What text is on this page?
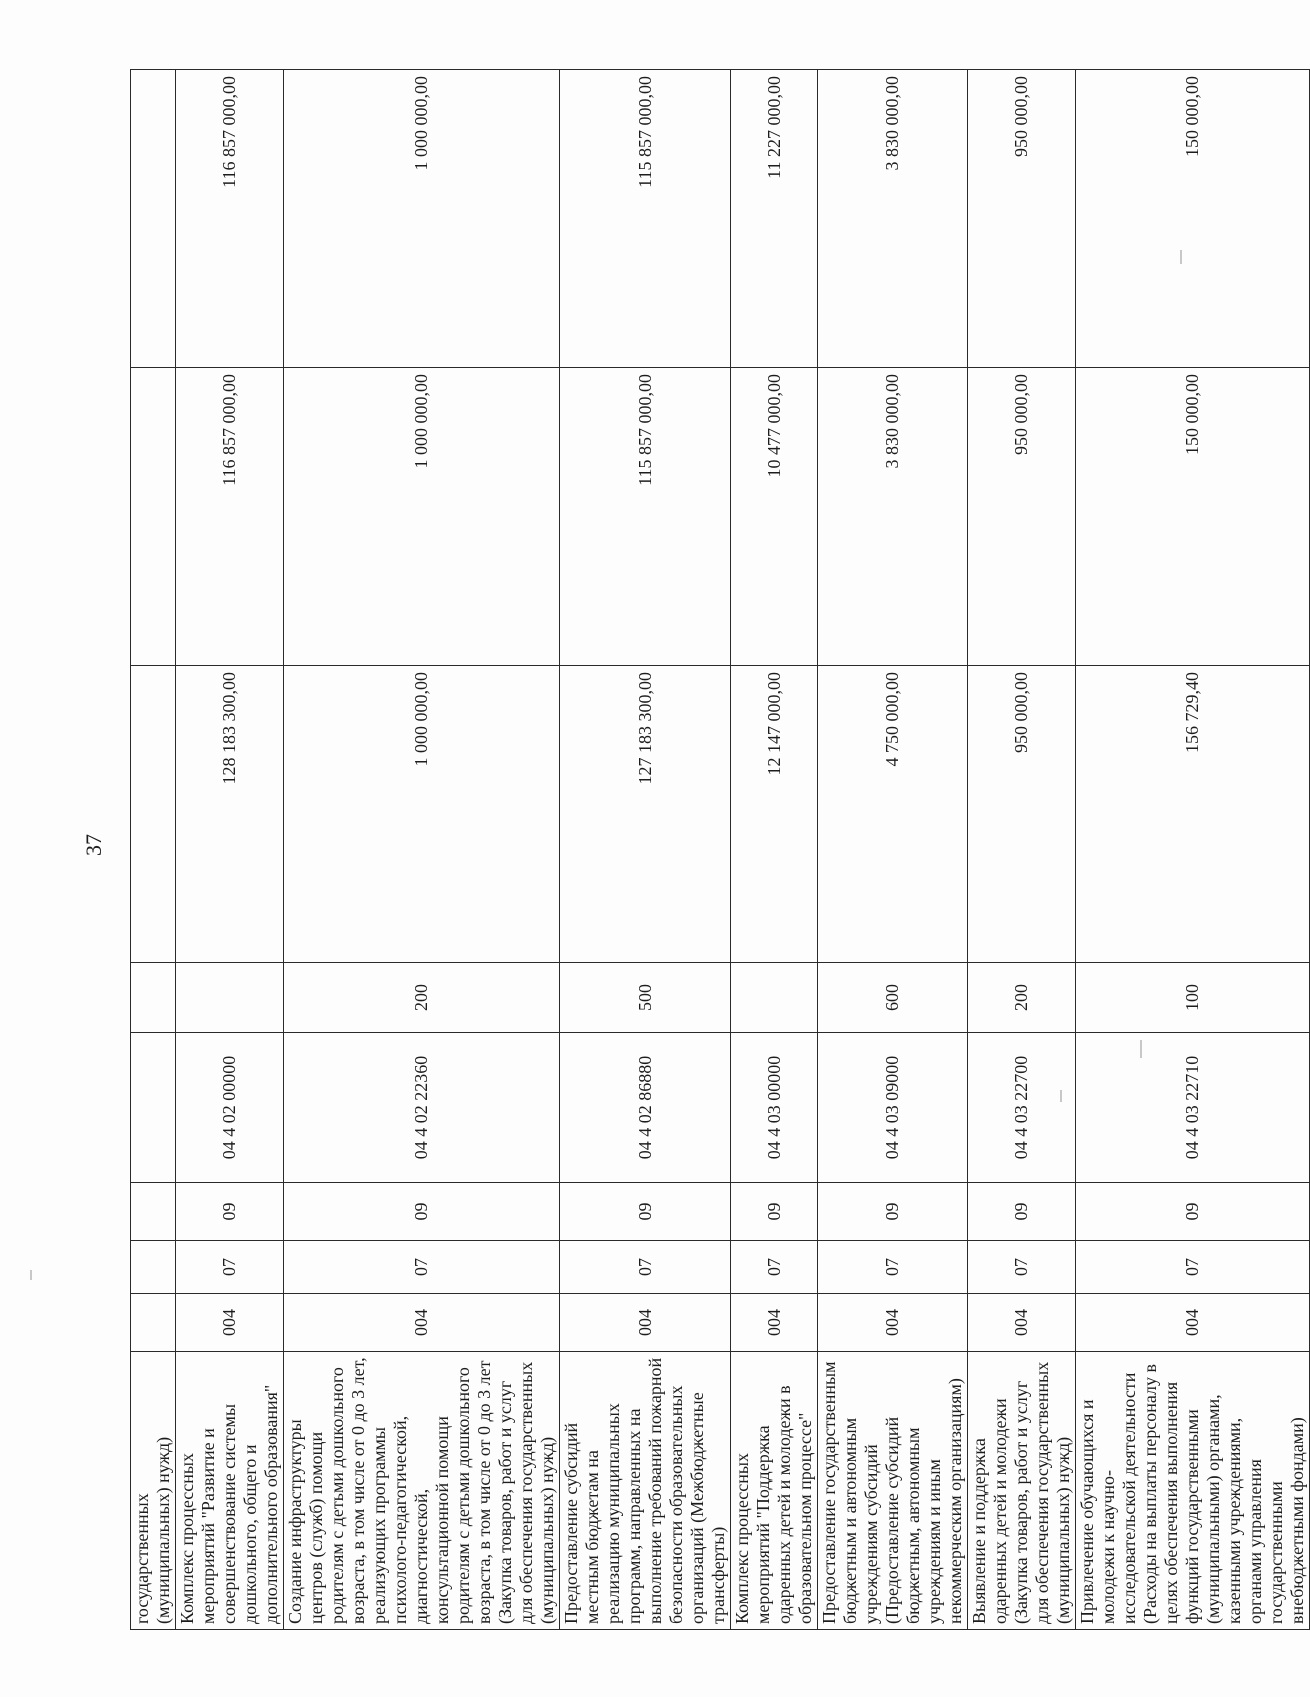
37
государственных (муниципальных) нужд)								
Комплекс процессных мероприятий "Развитие и совершенствование системы дошкольного, общего и дополнительного образования"	004	07	09	04 4 02 00000		128 183 300,00	116 857 000,00	116 857 000,00
Создание инфраструктуры центров (служб) помощи родителям с детьми дошкольного возраста, в том числе от 0 до 3 лет, реализующих программы психолого-педагогической, диагностической, консультационной помощи родителям с детьми дошкольного возраста, в том числе от 0 до 3 лет (Закупка товаров, работ и услуг для обеспечения государственных (муниципальных) нужд)	004	07	09	04 4 02 22360	200	1 000 000,00	1 000 000,00	1 000 000,00
Предоставление субсидий местным бюджетам на реализацию муниципальных программ, направленных на выполнение требований пожарной безопасности образовательных организаций (Межбюджетные трансферты)	004	07	09	04 4 02 86880	500	127 183 300,00	115 857 000,00	115 857 000,00
Комплекс процессных мероприятий "Поддержка одаренных детей и молодежи в образовательном процессе"	004	07	09	04 4 03 00000		12 147 000,00	10 477 000,00	11 227 000,00
Предоставление государственным бюджетным и автономным учреждениям субсидий (Предоставление субсидий бюджетным, автономным учреждениям и иным некоммерческим организациям)	004	07	09	04 4 03 09000	600	4 750 000,00	3 830 000,00	3 830 000,00
Выявление и поддержка одаренных детей и молодежи (Закупка товаров, работ и услуг для обеспечения государственных (муниципальных) нужд)	004	07	09	04 4 03 22700	200	950 000,00	950 000,00	950 000,00
Привлечение обучающихся и молодежи к научно-исследовательской деятельности (Расходы на выплаты персоналу в целях обеспечения выполнения функций государственными (муниципальными) органами, казенными учреждениями, органами управления государственными внебюджетными фондами)	004	07	09	04 4 03 22710	100	156 729,40	150 000,00	150 000,00
